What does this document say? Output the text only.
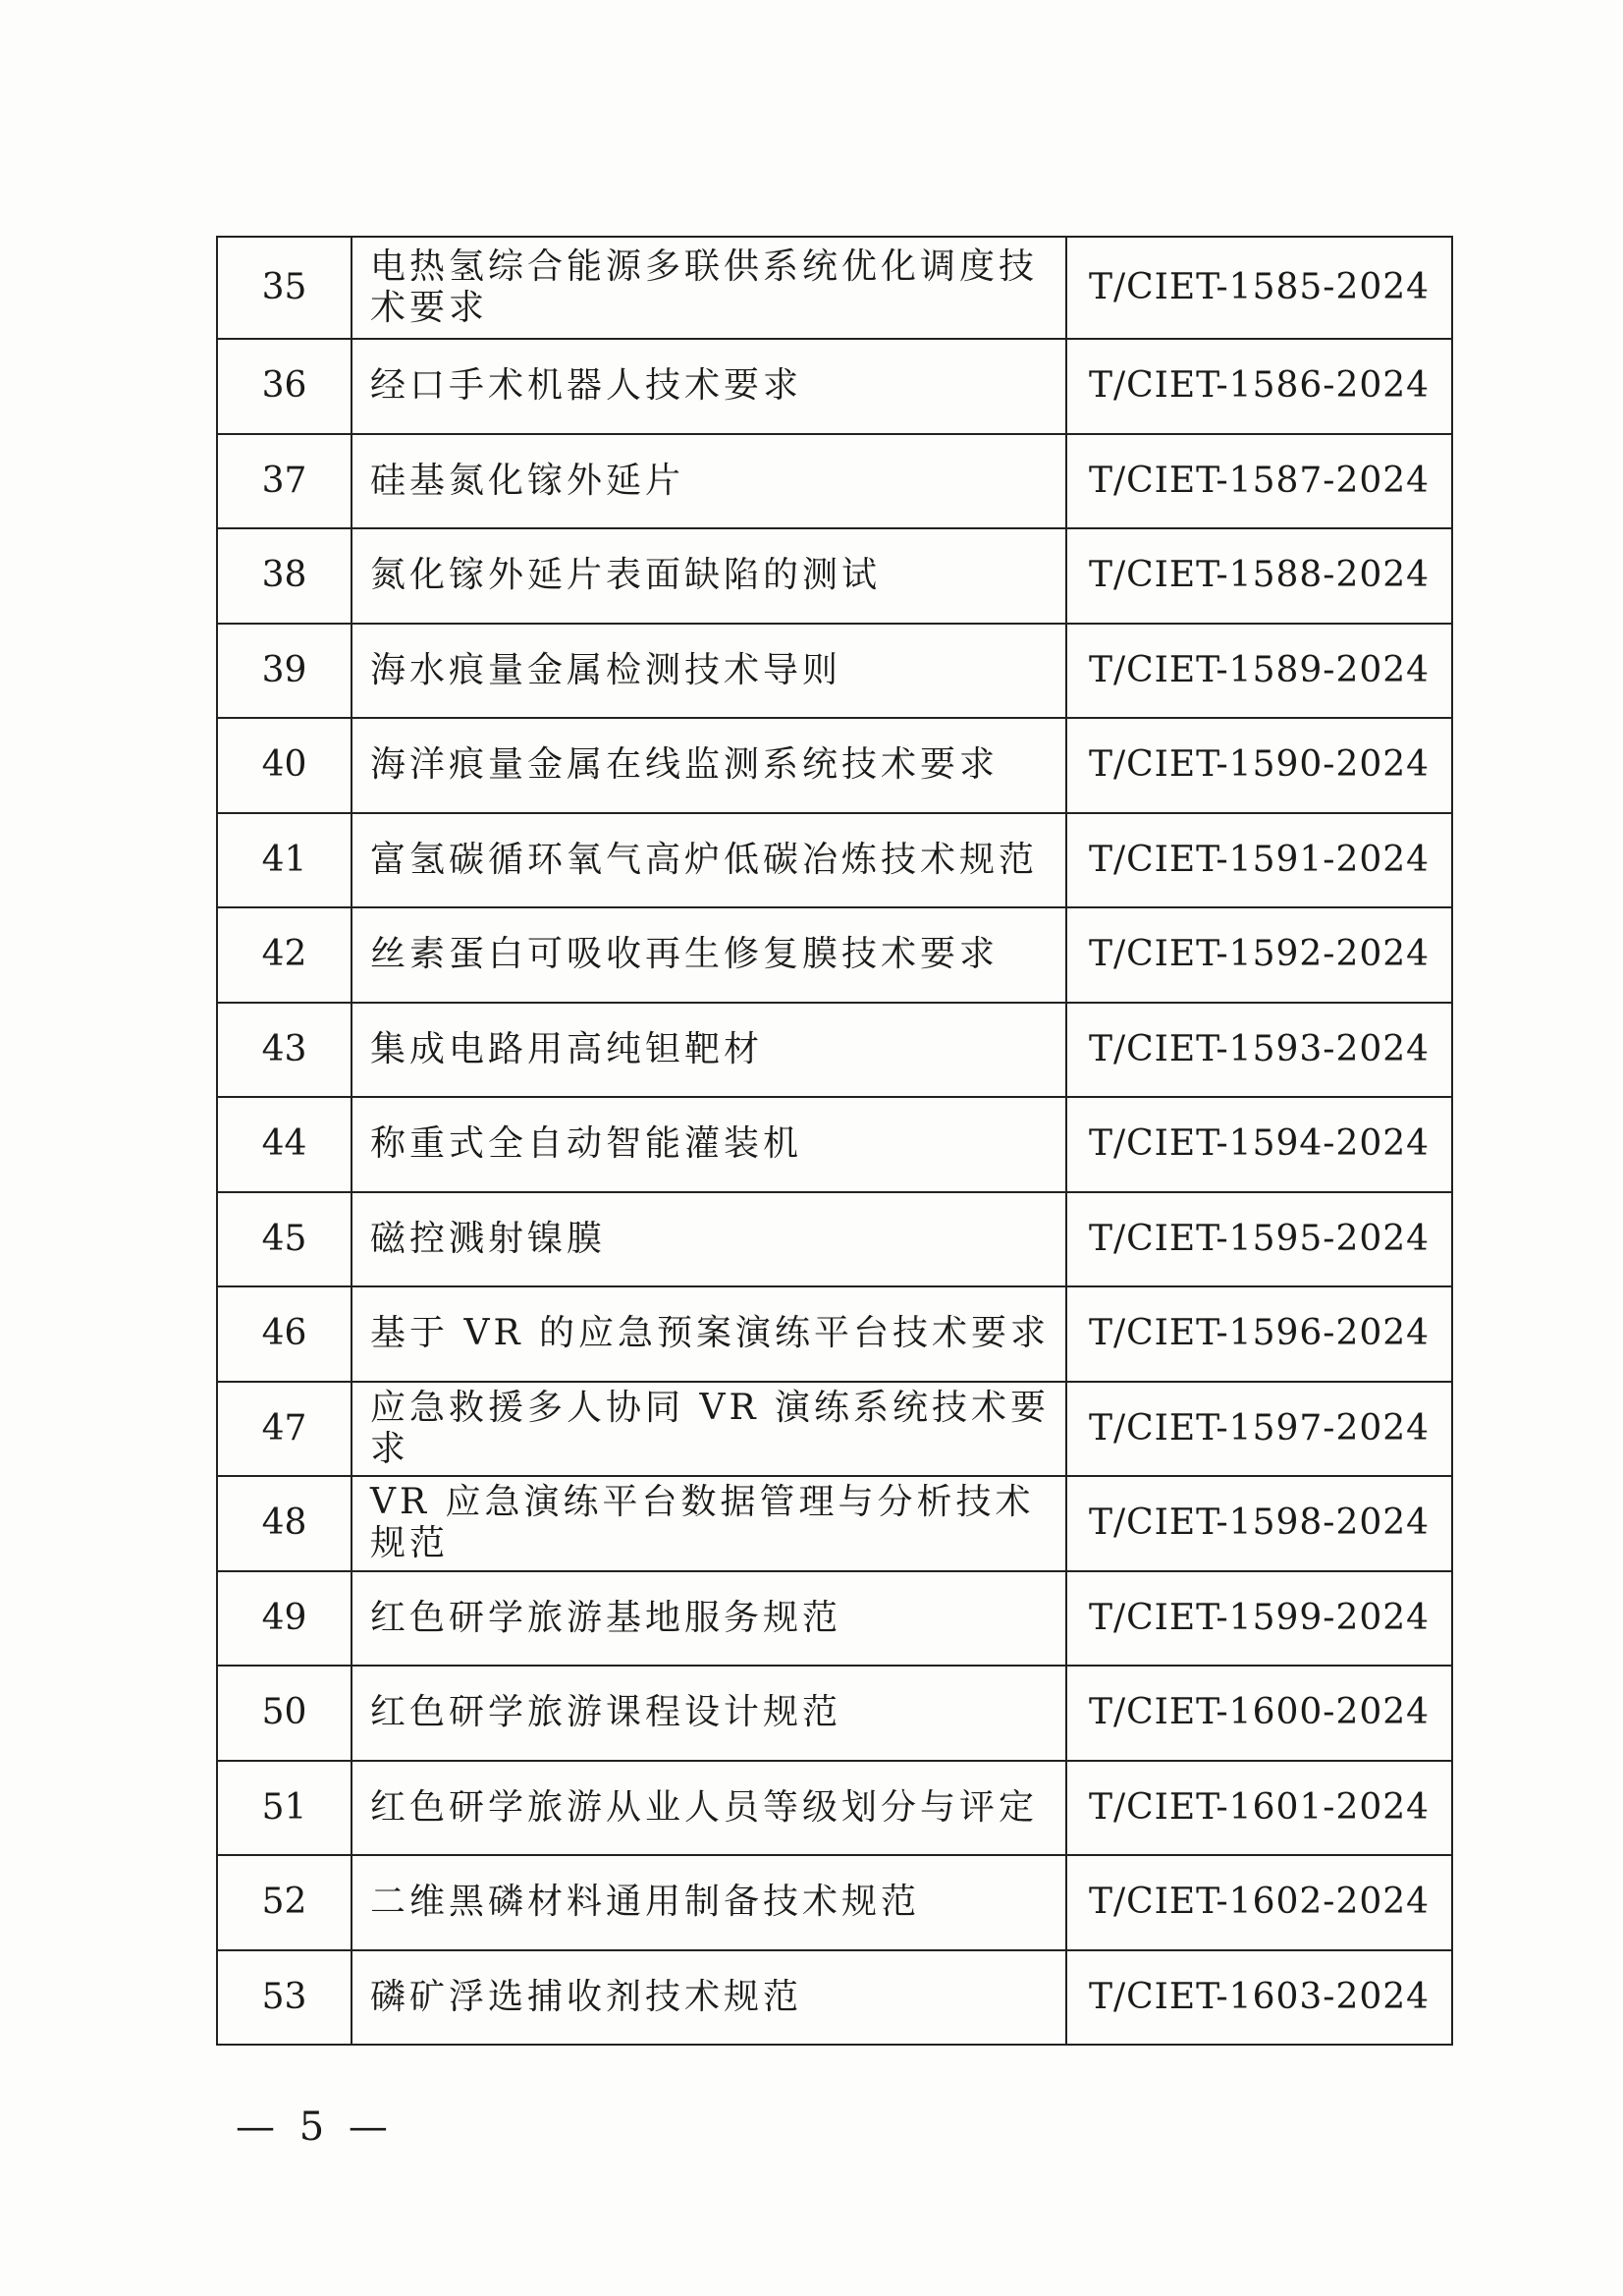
35	电热氢综合能源多联供系统优化调度技术要求	T/CIET-1585-2024
36	经口手术机器人技术要求	T/CIET-1586-2024
37	硅基氮化镓外延片	T/CIET-1587-2024
38	氮化镓外延片表面缺陷的测试	T/CIET-1588-2024
39	海水痕量金属检测技术导则	T/CIET-1589-2024
40	海洋痕量金属在线监测系统技术要求	T/CIET-1590-2024
41	富氢碳循环氧气高炉低碳冶炼技术规范	T/CIET-1591-2024
42	丝素蛋白可吸收再生修复膜技术要求	T/CIET-1592-2024
43	集成电路用高纯钽靶材	T/CIET-1593-2024
44	称重式全自动智能灌装机	T/CIET-1594-2024
45	磁控溅射镍膜	T/CIET-1595-2024
46	基于 VR 的应急预案演练平台技术要求	T/CIET-1596-2024
47	应急救援多人协同 VR 演练系统技术要求	T/CIET-1597-2024
48	VR 应急演练平台数据管理与分析技术规范	T/CIET-1598-2024
49	红色研学旅游基地服务规范	T/CIET-1599-2024
50	红色研学旅游课程设计规范	T/CIET-1600-2024
51	红色研学旅游从业人员等级划分与评定	T/CIET-1601-2024
52	二维黑磷材料通用制备技术规范	T/CIET-1602-2024
53	磷矿浮选捕收剂技术规范	T/CIET-1603-2024
— 5 —
